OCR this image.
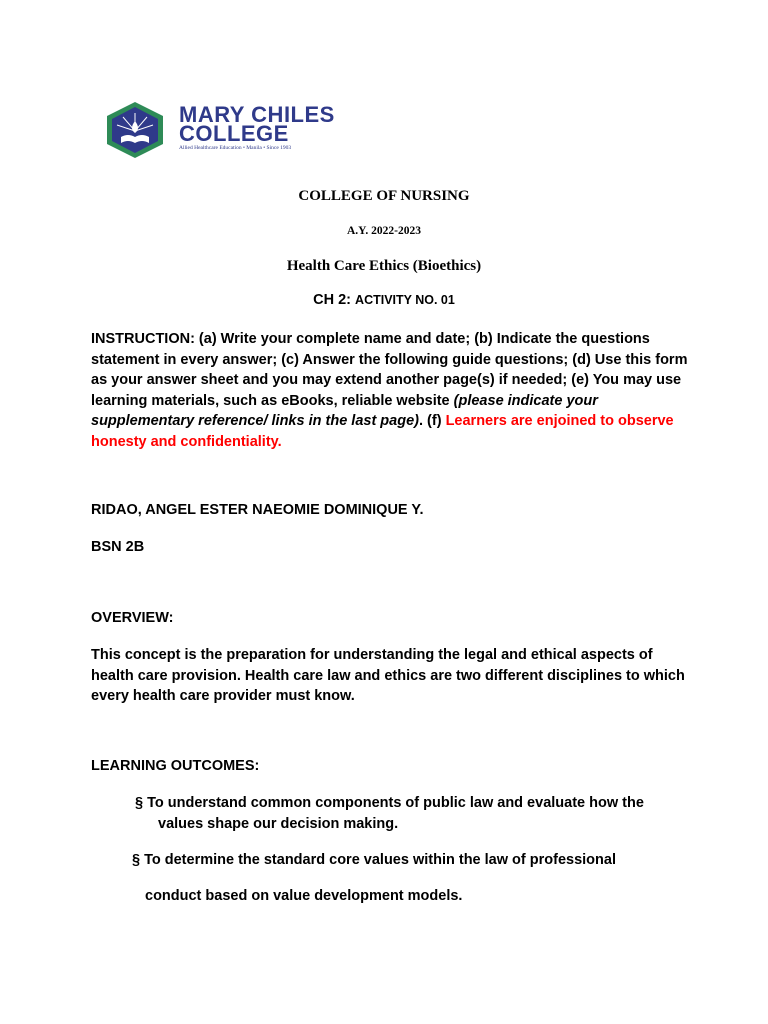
MARY CHILES
COLLEGE
Allied Healthcare Education • Manila • Since 1903
COLLEGE OF NURSING
A.Y. 2022-2023
Health Care Ethics (Bioethics)
CH 2: ACTIVITY NO. 01
INSTRUCTION: (a) Write your complete name and date; (b) Indicate the questions statement in every answer; (c) Answer the following guide questions; (d) Use this form as your answer sheet and you may extend another page(s) if needed; (e) You may use learning materials, such as eBooks, reliable website (please indicate your supplementary reference/ links in the last page). (f) Learners are enjoined to observe honesty and confidentiality.
RIDAO, ANGEL ESTER NAEOMIE DOMINIQUE Y.
BSN 2B
OVERVIEW:
This concept is the preparation for understanding the legal and ethical aspects of health care provision. Health care law and ethics are two different disciplines to which every health care provider must know.
LEARNING OUTCOMES:
§ To understand common components of public law and evaluate how the
values shape our decision making.
§ To determine the standard core values within the law of professional
conduct based on value development models.
